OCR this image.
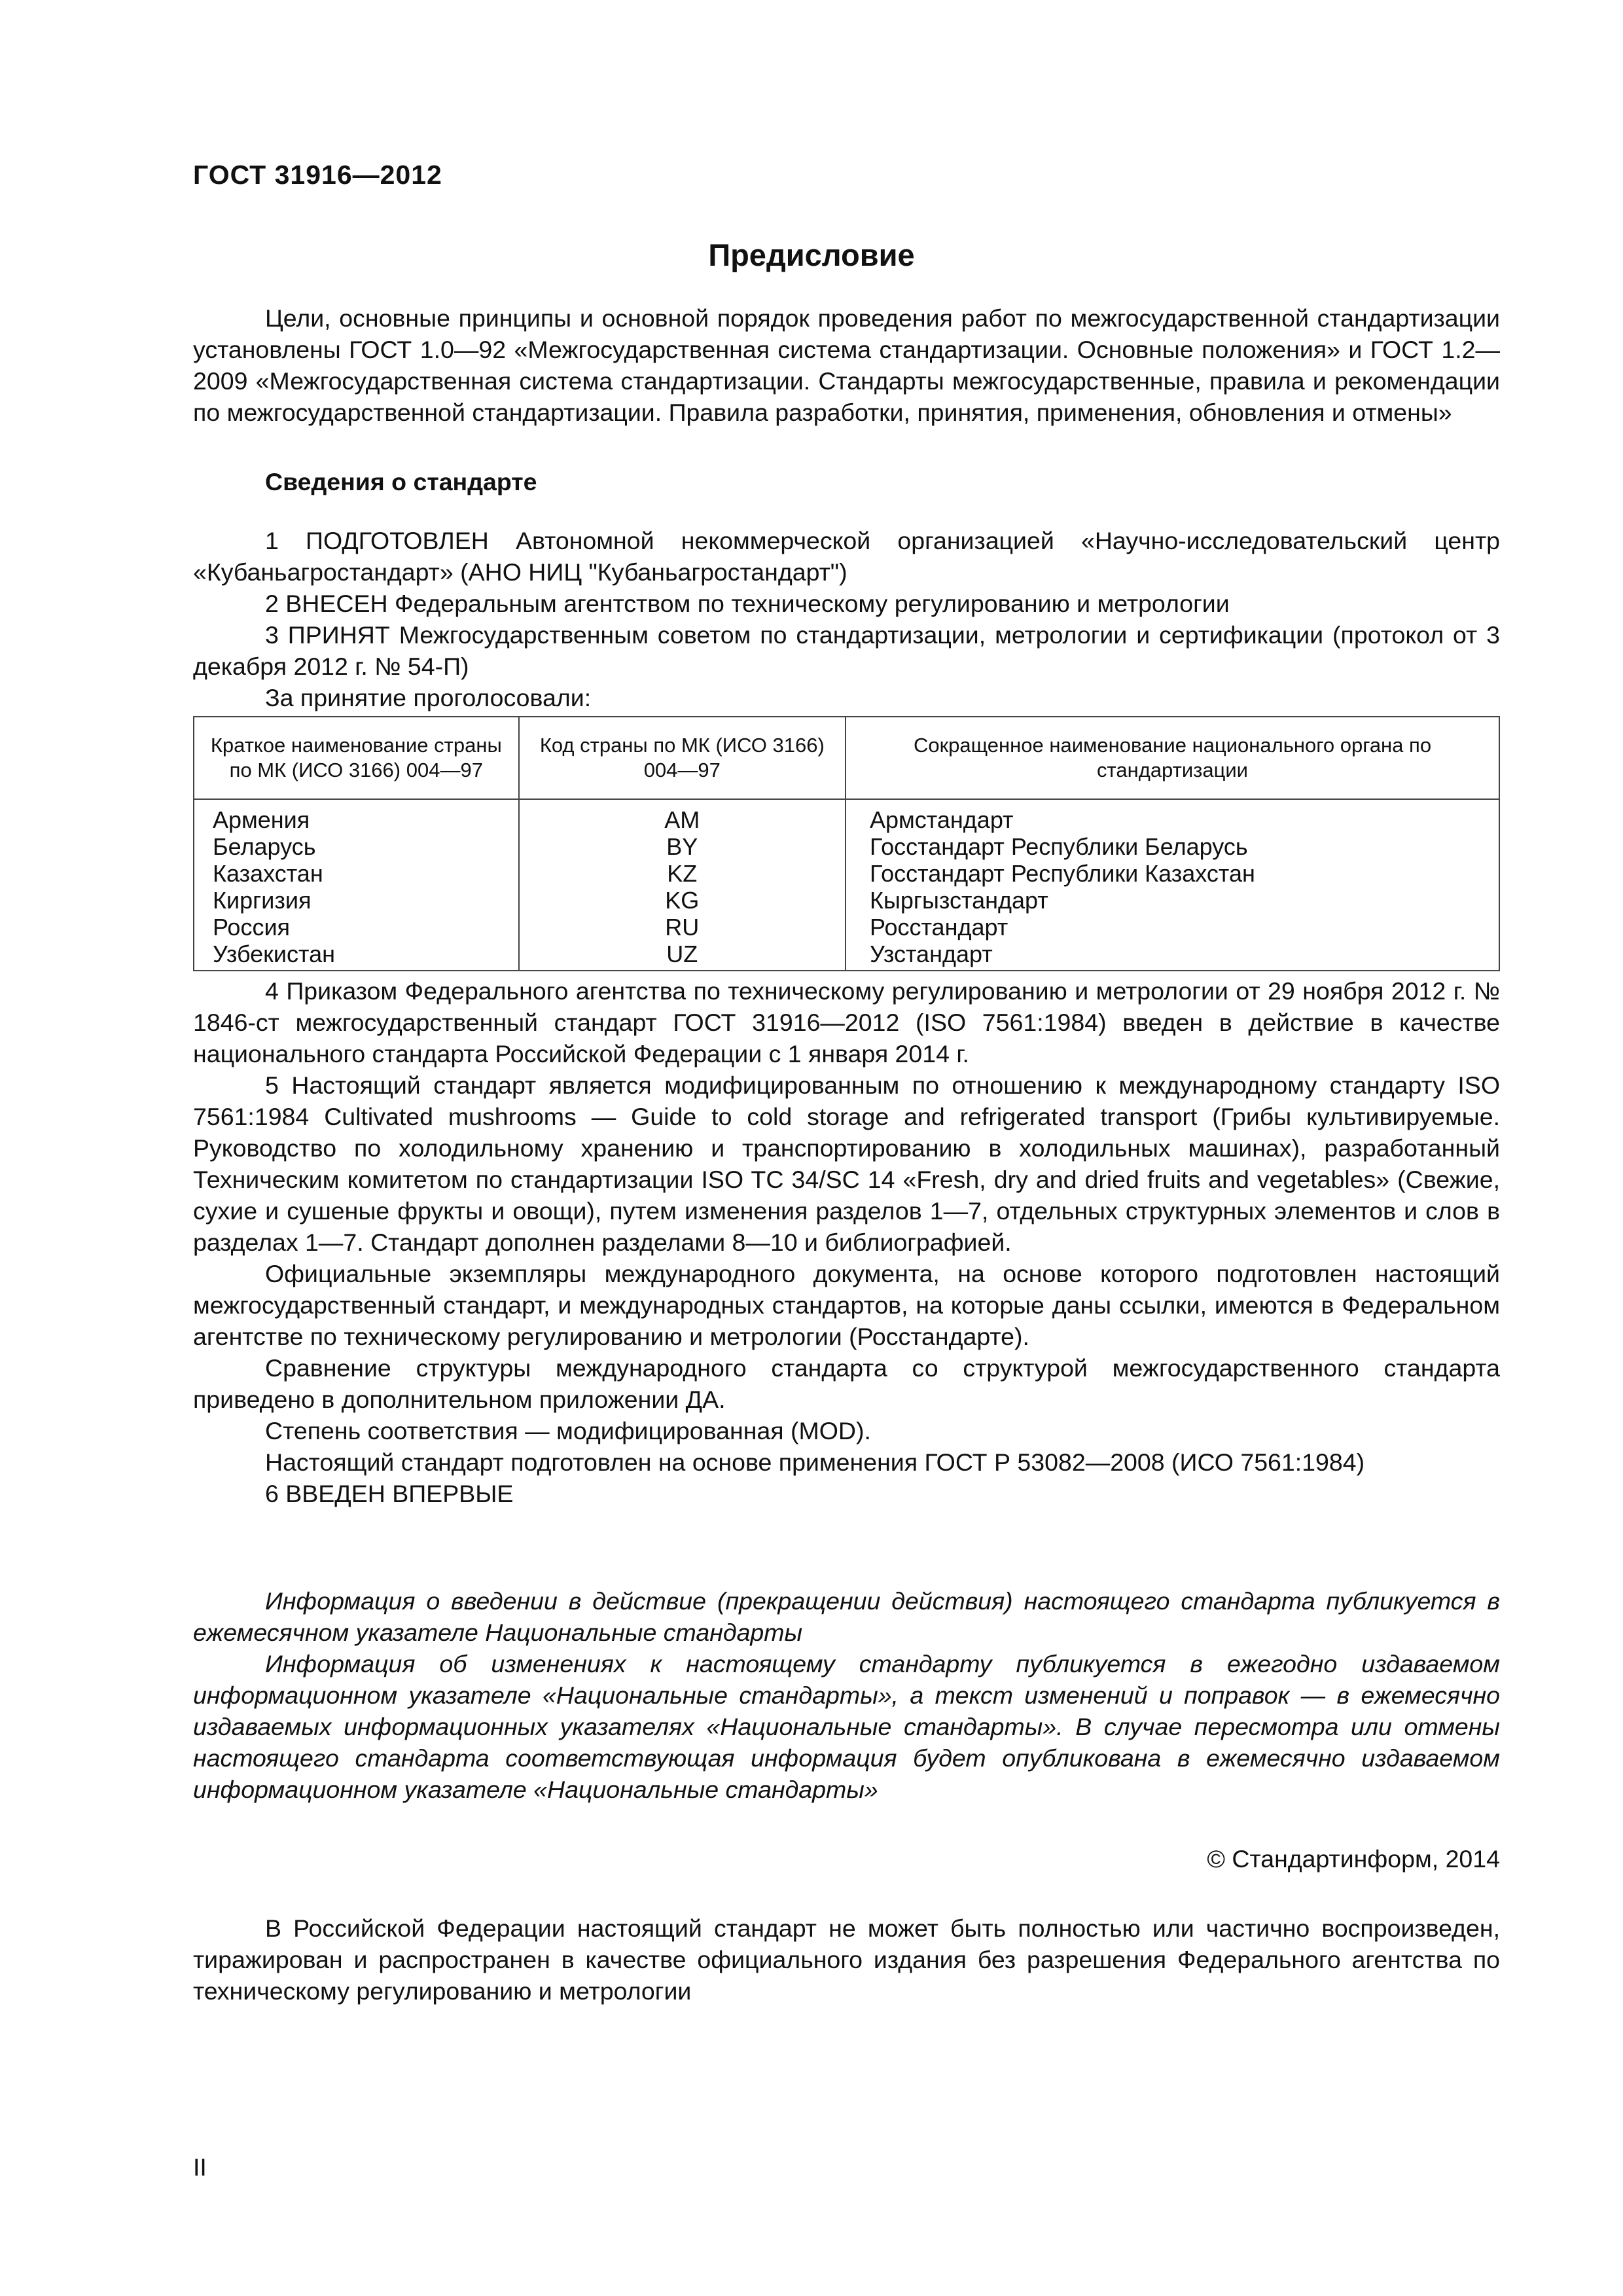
ГОСТ 31916—2012
Предисловие

Цели, основные принципы и основной порядок проведения работ по межгосударственной стандартизации установлены ГОСТ 1.0—92 «Межгосударственная система стандартизации. Основные положения» и ГОСТ 1.2—2009 «Межгосударственная система стандартизации. Стандарты межгосударственные, правила и рекомендации по межгосударственной стандартизации. Правила разработки, принятия, применения, обновления и отмены»

Сведения о стандарте

1 ПОДГОТОВЛЕН Автономной некоммерческой организацией «Научно-исследовательский центр «Кубаньагростандарт» (АНО НИЦ "Кубаньагростандарт")

2 ВНЕСЕН Федеральным агентством по техническому регулированию и метрологии

3 ПРИНЯТ Межгосударственным советом по стандартизации, метрологии и сертификации (протокол от 3 декабря 2012 г. № 54-П)

За принятие проголосовали:

Краткое наименование страны по МК (ИСО 3166) 004—97	Код страны по МК (ИСО 3166) 004—97	Сокращенное наименование национального органа по стандартизации
Армения	AM	Армстандарт
Беларусь	BY	Госстандарт Республики Беларусь
Казахстан	KZ	Госстандарт Республики Казахстан
Киргизия	KG	Кыргызстандарт
Россия	RU	Росстандарт
Узбекистан	UZ	Узстандарт

4 Приказом Федерального агентства по техническому регулированию и метрологии от 29 ноября 2012 г. № 1846-ст межгосударственный стандарт ГОСТ 31916—2012 (ISO 7561:1984) введен в действие в качестве национального стандарта Российской Федерации с 1 января 2014 г.

5 Настоящий стандарт является модифицированным по отношению к международному стандарту ISO 7561:1984 Cultivated mushrooms — Guide to cold storage and refrigerated transport (Грибы культивируемые. Руководство по холодильному хранению и транспортированию в холодильных машинах), разработанный Техническим комитетом по стандартизации ISO TC 34/SC 14 «Fresh, dry and dried fruits and vegetables» (Свежие, сухие и сушеные фрукты и овощи), путем изменения разделов 1—7, отдельных структурных элементов и слов в разделах 1—7. Стандарт дополнен разделами 8—10 и библиографией.

Официальные экземпляры международного документа, на основе которого подготовлен настоящий межгосударственный стандарт, и международных стандартов, на которые даны ссылки, имеются в Федеральном агентстве по техническому регулированию и метрологии (Росстандарте).

Сравнение структуры международного стандарта со структурой межгосударственного стандарта приведено в дополнительном приложении ДА.

Степень соответствия — модифицированная (MOD).

Настоящий стандарт подготовлен на основе применения ГОСТ Р 53082—2008 (ИСО 7561:1984)

6 ВВЕДЕН ВПЕРВЫЕ

Информация о введении в действие (прекращении действия) настоящего стандарта публикуется в ежемесячном указателе Национальные стандарты

Информация об изменениях к настоящему стандарту публикуется в ежегодно издаваемом информационном указателе «Национальные стандарты», а текст изменений и поправок — в ежемесячно издаваемых информационных указателях «Национальные стандарты». В случае пересмотра или отмены настоящего стандарта соответствующая информация будет опубликована в ежемесячно издаваемом информационном указателе «Национальные стандарты»

© Стандартинформ, 2014

В Российской Федерации настоящий стандарт не может быть полностью или частично воспроизведен, тиражирован и распространен в качестве официального издания без разрешения Федерального агентства по техническому регулированию и метрологии

II
